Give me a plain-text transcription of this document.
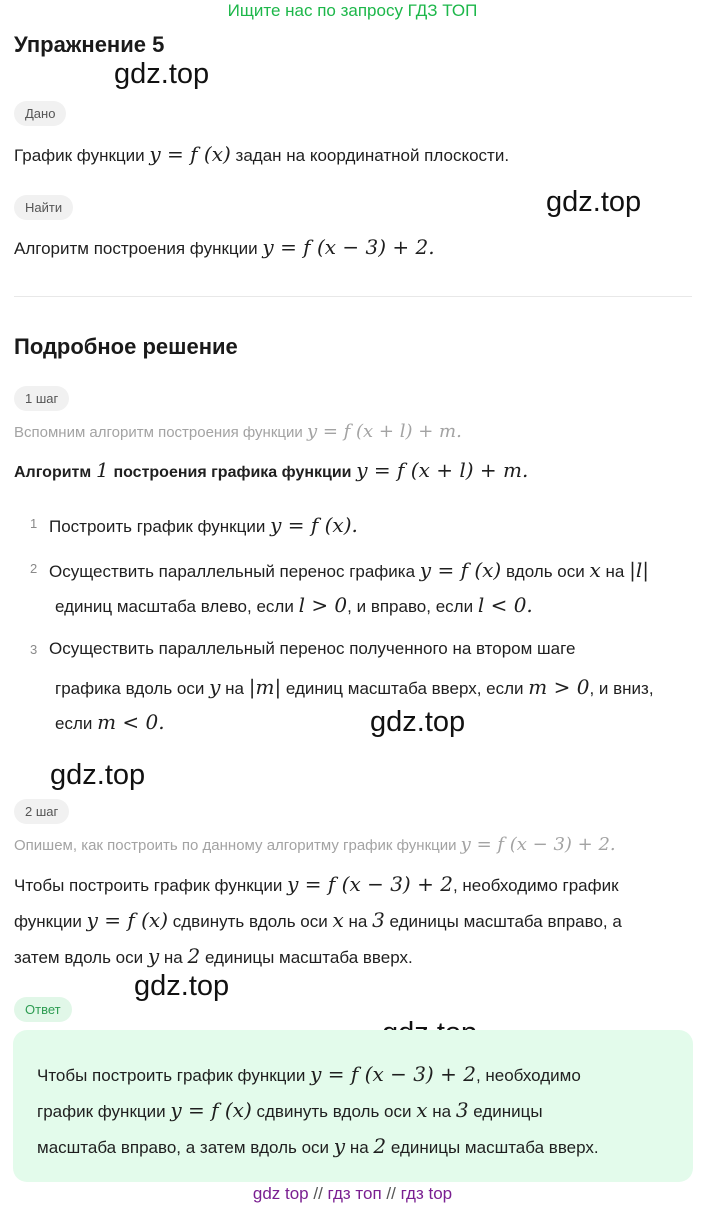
Ищите нас по запросу ГДЗ ТОП
Упражнение 5
gdz.top
gdz.top
gdz.top
gdz.top
gdz.top
Дано
График функции y = f (x) задан на координатной плоскости.
Найти
Алгоритм построения функции y = f (x − 3) + 2.
Подробное решение
1 шаг
Вспомним алгоритм построения функции y = f (x + l) + m.
Алгоритм 1 построения графика функции y = f (x + l) + m.
1 Построить график функции y = f (x).
2 Осуществить параллельный перенос графика y = f (x) вдоль оси x на |l|
единиц масштаба влево, если l > 0, и вправо, если l < 0.
3 Осуществить параллельный перенос полученного на втором шаге
графика вдоль оси y на |m| единиц масштаба вверх, если m > 0, и вниз,
если m < 0.
2 шаг
Опишем, как построить по данному алгоритму график функции y = f (x − 3) + 2.
Чтобы построить график функции y = f (x − 3) + 2, необходимо график
функции y = f (x) сдвинуть вдоль оси x на 3 единицы масштаба вправо, а
затем вдоль оси y на 2 единицы масштаба вверх.
Ответ
Чтобы построить график функции y = f (x − 3) + 2, необходимо
график функции y = f (x) сдвинуть вдоль оси x на 3 единицы
масштаба вправо, а затем вдоль оси y на 2 единицы масштаба вверх.
gdz top // гдз топ // гдз top
